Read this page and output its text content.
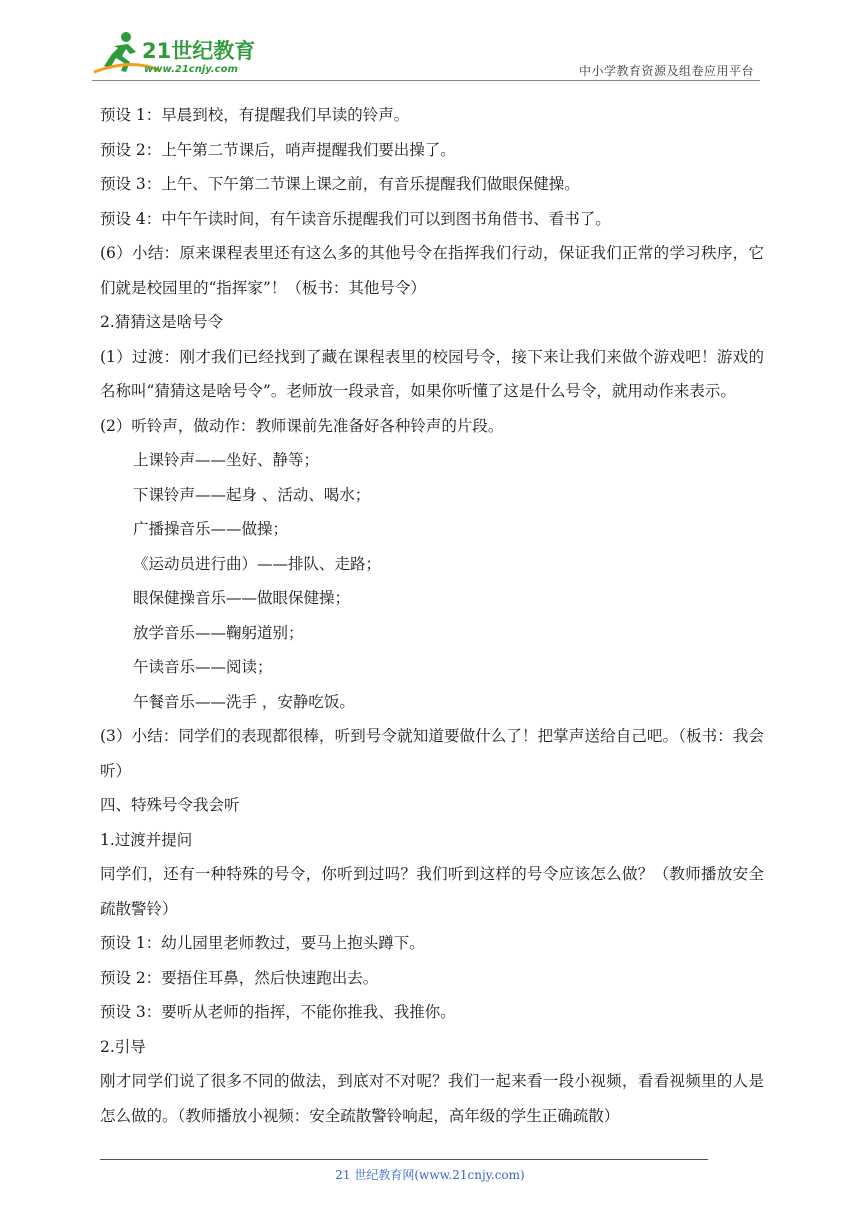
21世纪教育
www.21cnjy.com	中小学教育资源及组卷应用平台

预设 1：早晨到校，有提醒我们早读的铃声。

预设 2：上午第二节课后，哨声提醒我们要出操了。

预设 3：上午、下午第二节课上课之前，有音乐提醒我们做眼保健操。

预设 4：中午午读时间，有午读音乐提醒我们可以到图书角借书、看书了。

(6）小结：原来课程表里还有这么多的其他号令在指挥我们行动，保证我们正常的学习秩序，它们就是校园里的“指挥家”！（板书：其他号令）

2.猜猜这是啥号令

(1）过渡：刚才我们已经找到了藏在课程表里的校园号令，接下来让我们来做个游戏吧！游戏的名称叫“猜猜这是啥号令”。老师放一段录音，如果你听懂了这是什么号令，就用动作来表示。

(2）听铃声，做动作：教师课前先准备好各种铃声的片段。

上课铃声——坐好、静等；

下课铃声——起身 、活动、喝水；

广播操音乐——做操；

《运动员进行曲）——排队、走路；

眼保健操音乐——做眼保健操；

放学音乐——鞠躬道别；

午读音乐——阅读；

午餐音乐——洗手 ，安静吃饭。

(3）小结：同学们的表现都很棒，听到号令就知道要做什么了！把掌声送给自己吧。（板书：我会听）

四、特殊号令我会听

1.过渡并提问

同学们，还有一种特殊的号令，你听到过吗？我们听到这样的号令应该怎么做？（教师播放安全疏散警铃）

预设 1：幼儿园里老师教过，要马上抱头蹲下。

预设 2：要捂住耳鼻，然后快速跑出去。

预设 3：要听从老师的指挥，不能你推我、我推你。

2.引导

刚才同学们说了很多不同的做法，到底对不对呢？我们一起来看一段小视频，看看视频里的人是怎么做的。（教师播放小视频：安全疏散警铃响起，高年级的学生正确疏散）

21 世纪教育网(www.21cnjy.com)
